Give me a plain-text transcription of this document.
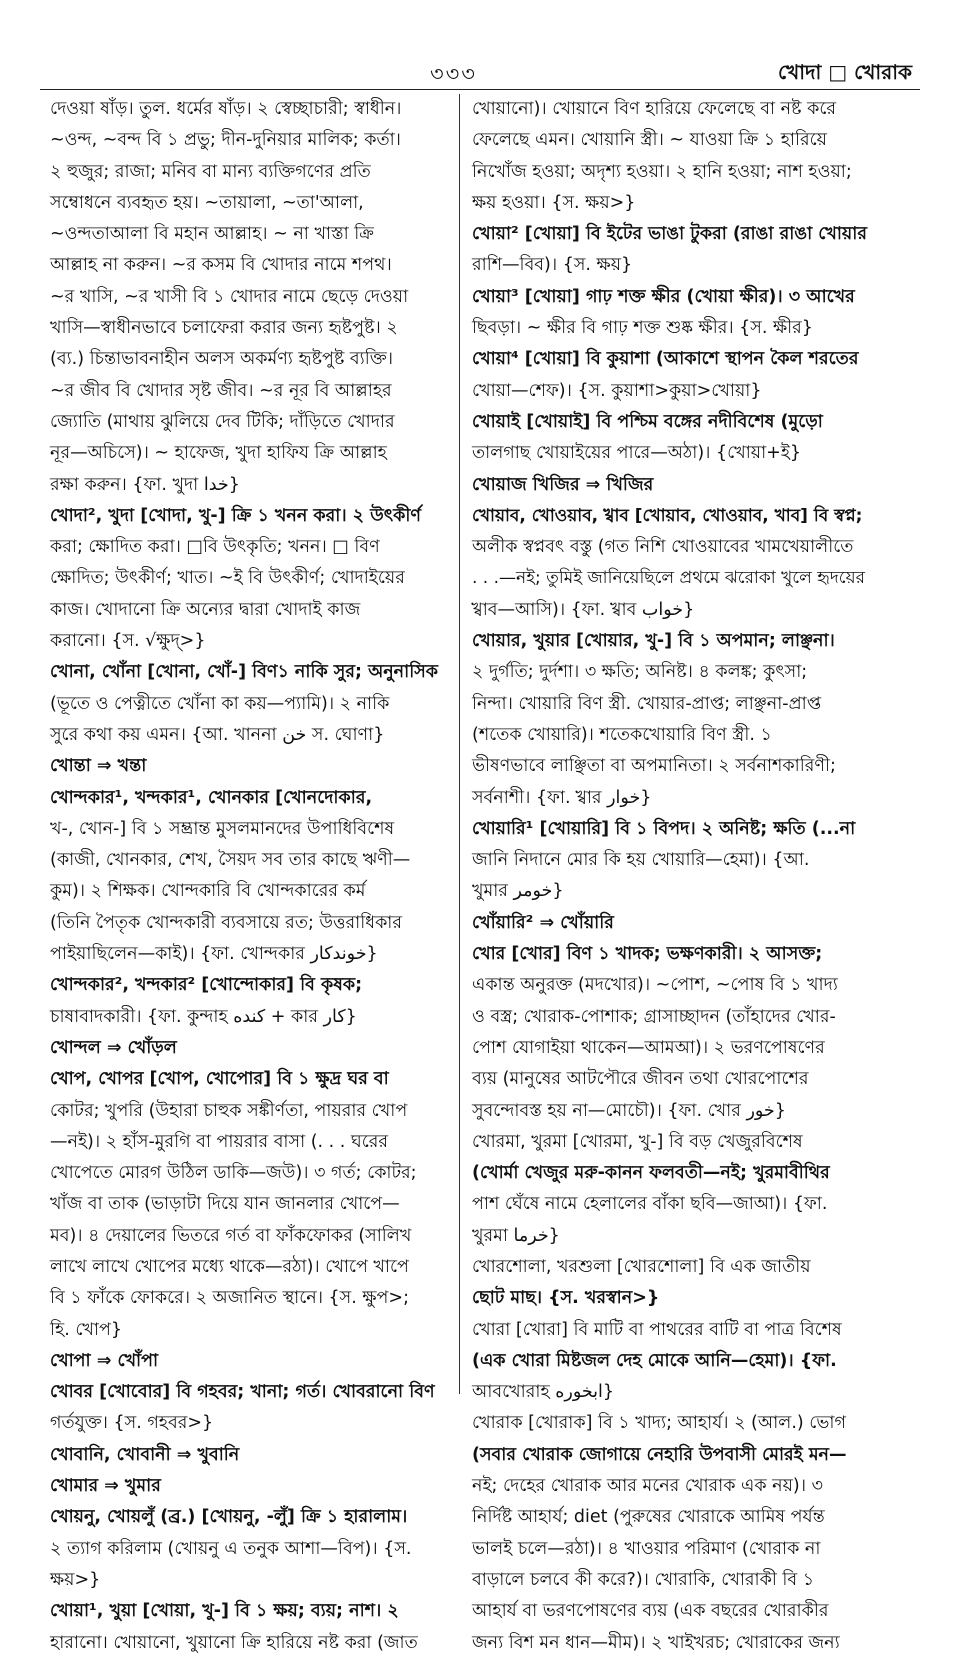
৩৩৩	খোদা □ খোরাক
দেওয়া ষাঁড়। তুল. ধর্মের ষাঁড়। ২ স্বেচ্ছাচারী; স্বাধীন।
~ওন্দ, ~বন্দ বি ১ প্রভু; দীন-দুনিয়ার মালিক; কর্তা।
২ হুজুর; রাজা; মনিব বা মান্য ব্যক্তিগণের প্রতি
সম্বোধনে ব্যবহৃত হয়। ~তায়ালা, ~তা'আলা,
~ওন্দতাআলা বি মহান আল্লাহ। ~ না খাস্তা ক্রি
আল্লাহ না করুন। ~র কসম বি খোদার নামে শপথ।
~র খাসি, ~র খাসী বি ১ খোদার নামে ছেড়ে দেওয়া
খাসি—স্বাধীনভাবে চলাফেরা করার জন্য হৃষ্টপুষ্ট। ২
(ব্য.) চিন্তাভাবনাহীন অলস অকর্মণ্য হৃষ্টপুষ্ট ব্যক্তি।
~র জীব বি খোদার সৃষ্ট জীব। ~র নূর বি আল্লাহর
জ্যোতি (মাথায় ঝুলিয়ে দেব টিকি; দাঁড়িতে খোদার
নূর—অচিসে)। ~ হাফেজ, খুদা হাফিয ক্রি আল্লাহ
রক্ষা করুন। {ফা. খুদা خدا}
খোদা², খুদা [খোদা, খু-] ক্রি ১ খনন করা। ২ উৎকীর্ণ
করা; ক্ষোদিত করা। □বি উৎকৃতি; খনন। □ বিণ
ক্ষোদিত; উৎকীর্ণ; খাত। ~ই বি উৎকীর্ণ; খোদাইয়ের
কাজ। খোদানো ক্রি অন্যের দ্বারা খোদাই কাজ
করানো। {স. √ক্ষুদ্>}
খোনা, খোঁনা [খোনা, খোঁ-] বিণ১ নাকি সুর; অনুনাসিক
(ভূতে ও পেত্নীতে খোঁনা কা কয়—প্যামি)। ২ নাকি
সুরে কথা কয় এমন। {আ. খাননা خن স. ঘোণা}
খোন্তা ⇒ খন্তা
খোন্দকার¹, খন্দকার¹, খোনকার [খোনদোকার,
খ-, খোন-] বি ১ সম্ভ্রান্ত মুসলমানদের উপাধিবিশেষ
(কাজী, খোনকার, শেখ, সৈয়দ সব তার কাছে ঋণী—
কুম)। ২ শিক্ষক। খোন্দকারি বি খোন্দকারের কর্ম
(তিনি পৈতৃক খোন্দকারী ব্যবসায়ে রত; উত্তরাধিকার
পাইয়াছিলেন—কাই)। {ফা. খোন্দকার خوندکار}
খোন্দকার², খন্দকার² [খোন্দোকার] বি কৃষক;
চাষাবাদকারী। {ফা. কুন্দাহ کنده + কার کار}
খোন্দল ⇒ খোঁড়ল
খোপ, খোপর [খোপ, খোপোর] বি ১ ক্ষুদ্র ঘর বা
কোটর; খুপরি (উহারা চাহুক সঙ্কীর্ণতা, পায়রার খোপ
—নই)। ২ হাঁস-মুরগি বা পায়রার বাসা (. . . ঘরের
খোপেতে মোরগ উঠিল ডাকি—জউ)। ৩ গর্ত; কোটর;
খাঁজ বা তাক (ভাড়াটা দিয়ে যান জানলার খোপে—
মব)। ৪ দেয়ালের ভিতরে গর্ত বা ফাঁকফোকর (সালিখ
লাখে লাখে খোপের মধ্যে থাকে—রঠা)। খোপে খাপে
বি ১ ফাঁকে ফোকরে। ২ অজানিত স্থানে। {স. ক্ষুপ>;
হি. খোপ}
খোপা ⇒ খোঁপা
খোবর [খোবোর] বি গহবর; খানা; গর্ত। খোবরানো বিণ
গর্তযুক্ত। {স. গহবর>}
খোবানি, খোবানী ⇒ খুবানি
খোমার ⇒ খুমার
খোয়নু, খোয়লুঁ (ব্র.) [খোয়নু, -লুঁ] ক্রি ১ হারালাম।
২ ত্যাগ করিলাম (খোয়নু এ তনুক আশা—বিপ)। {স.
ক্ষয়>}
খোয়া¹, খুয়া [খোয়া, খু-] বি ১ ক্ষয়; ব্যয়; নাশ। ২
হারানো। খোয়ানো, খুয়ানো ক্রি হারিয়ে নষ্ট করা (জাত
খোয়ানো)। খোয়ানে বিণ হারিয়ে ফেলেছে বা নষ্ট করে
ফেলেছে এমন। খোয়ানি স্ত্রী। ~ যাওয়া ক্রি ১ হারিয়ে
নিখোঁজ হওয়া; অদৃশ্য হওয়া। ২ হানি হওয়া; নাশ হওয়া;
ক্ষয় হওয়া। {স. ক্ষয়>}
খোয়া² [খোয়া] বি ইটের ভাঙা টুকরা (রাঙা রাঙা খোয়ার
রাশি—বিব)। {স. ক্ষয়}
খোয়া³ [খোয়া] গাঢ় শক্ত ক্ষীর (খোয়া ক্ষীর)। ৩ আখের
ছিবড়া। ~ ক্ষীর বি গাঢ় শক্ত শুষ্ক ক্ষীর। {স. ক্ষীর}
খোয়া⁴ [খোয়া] বি কুয়াশা (আকাশে স্থাপন কৈল শরতের
খোয়া—শেফ)। {স. কুয়াশা>কুয়া>খোয়া}
খোয়াই [খোয়াই] বি পশ্চিম বঙ্গের নদীবিশেষ (মুড়ো
তালগাছ খোয়াইয়ের পারে—অঠা)। {খোয়া+ই}
খোয়াজ খিজির ⇒ খিজির
খোয়াব, খোওয়াব, খ্বাব [খোয়াব, খোওয়াব, খাব] বি স্বপ্ন;
অলীক স্বপ্নবৎ বস্তু (গত নিশি খোওয়াবের খামখেয়ালীতে
. . .—নই; তুমিই জানিয়েছিলে প্রথমে ঝরোকা খুলে হৃদয়ের
খ্বাব—আসি)। {ফা. খ্বাব خواب}
খোয়ার, খুয়ার [খোয়ার, খু-] বি ১ অপমান; লাঞ্ছনা।
২ দুর্গতি; দুর্দশা। ৩ ক্ষতি; অনিষ্ট। ৪ কলঙ্ক; কুৎসা;
নিন্দা। খোয়ারি বিণ স্ত্রী. খোয়ার-প্রাপ্ত; লাঞ্ছনা-প্রাপ্ত
(শতেক খোয়ারি)। শতেকখোয়ারি বিণ স্ত্রী. ১
ভীষণভাবে লাঞ্ছিতা বা অপমানিতা। ২ সর্বনাশকারিণী;
সর্বনাশী। {ফা. খ্বার خوار}
খোয়ারি¹ [খোয়ারি] বি ১ বিপদ। ২ অনিষ্ট; ক্ষতি (...না
জানি নিদানে মোর কি হয় খোয়ারি—হেমা)। {আ.
খুমার خومر}
খোঁয়ারি² ⇒ খোঁয়ারি
খোর [খোর] বিণ ১ খাদক; ভক্ষণকারী। ২ আসক্ত;
একান্ত অনুরক্ত (মদখোর)। ~পোশ, ~পোষ বি ১ খাদ্য
ও বস্ত্র; খোরাক-পোশাক; গ্রাসাচ্ছাদন (তাঁহাদের খোর-
পোশ যোগাইয়া থাকেন—আমআ)। ২ ভরণপোষণের
ব্যয় (মানুষের আটপৌরে জীবন তথা খোরপোশের
সুবন্দোবস্ত হয় না—মোচৌ)। {ফা. খোর خور}
খোরমা, খুরমা [খোরমা, খু-] বি বড় খেজুরবিশেষ
(খোর্মা খেজুর মরু-কানন ফলবতী—নই; খুরমাবীথির
পাশ ঘেঁষে নামে হেলালের বাঁকা ছবি—জাআ)। {ফা.
খুরমা خرما}
খোরশোলা, খরশুলা [খোরশোলা] বি এক জাতীয়
ছোট মাছ। {স. খরস্বান>}
খোরা [খোরা] বি মাটি বা পাথরের বাটি বা পাত্র বিশেষ
(এক খোরা মিষ্টজল দেহ মোকে আনি—হেমা)। {ফা.
আবখোরাহ ابخوره}
খোরাক [খোরাক] বি ১ খাদ্য; আহার্য। ২ (আল.) ভোগ
(সবার খোরাক জোগায়ে নেহারি উপবাসী মোরই মন—
নই; দেহের খোরাক আর মনের খোরাক এক নয়)। ৩
নির্দিষ্ট আহার্য; diet (পুরুষের খোরাকে আমিষ পর্যন্ত
ভালই চলে—রঠা)। ৪ খাওয়ার পরিমাণ (খোরাক না
বাড়ালে চলবে কী করে?)। খোরাকি, খোরাকী বি ১
আহার্য বা ভরণপোষণের ব্যয় (এক বছরের খোরাকীর
জন্য বিশ মন ধান—মীম)। ২ খাইখরচ; খোরাকের জন্য
